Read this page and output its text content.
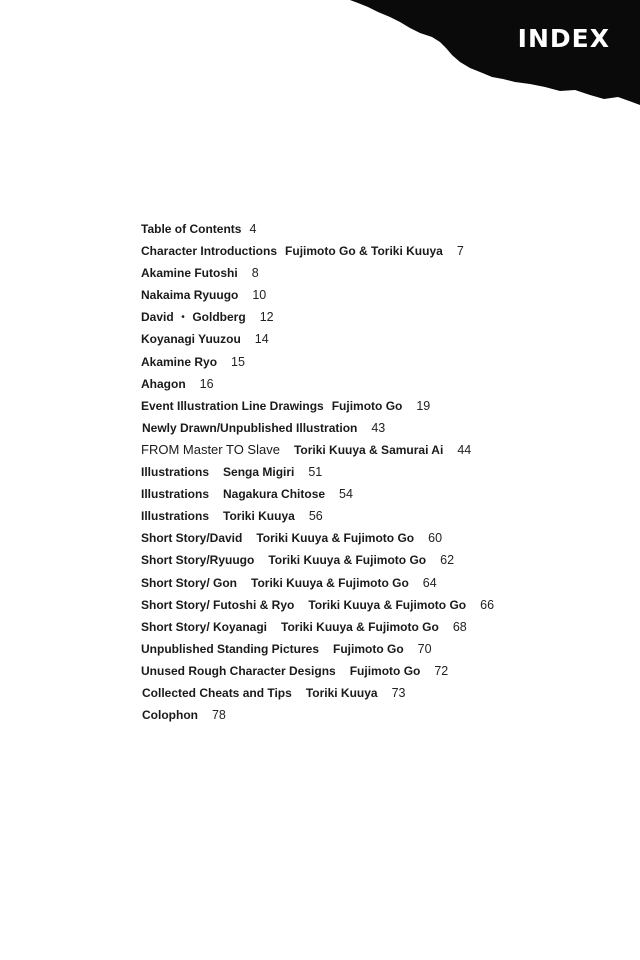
INDEX
Table of Contents 4
Character Introductions Fujimoto Go & Toriki Kuuya 7
Akamine Futoshi 8
Nakaima Ryuugo 10
David ・ Goldberg 12
Koyanagi Yuuzou 14
Akamine Ryo 15
Ahagon 16
Event Illustration Line Drawings Fujimoto Go 19
Newly Drawn/Unpublished Illustration 43
FROM Master TO Slave Toriki Kuuya & Samurai Ai 44
Illustrations Senga Migiri 51
Illustrations Nagakura Chitose 54
Illustrations Toriki Kuuya 56
Short Story/David Toriki Kuuya & Fujimoto Go 60
Short Story/Ryuugo Toriki Kuuya & Fujimoto Go 62
Short Story/ Gon Toriki Kuuya & Fujimoto Go 64
Short Story/ Futoshi & Ryo Toriki Kuuya & Fujimoto Go 66
Short Story/ Koyanagi Toriki Kuuya & Fujimoto Go 68
Unpublished Standing Pictures Fujimoto Go 70
Unused Rough Character Designs Fujimoto Go 72
Collected Cheats and Tips Toriki Kuuya 73
Colophon 78
